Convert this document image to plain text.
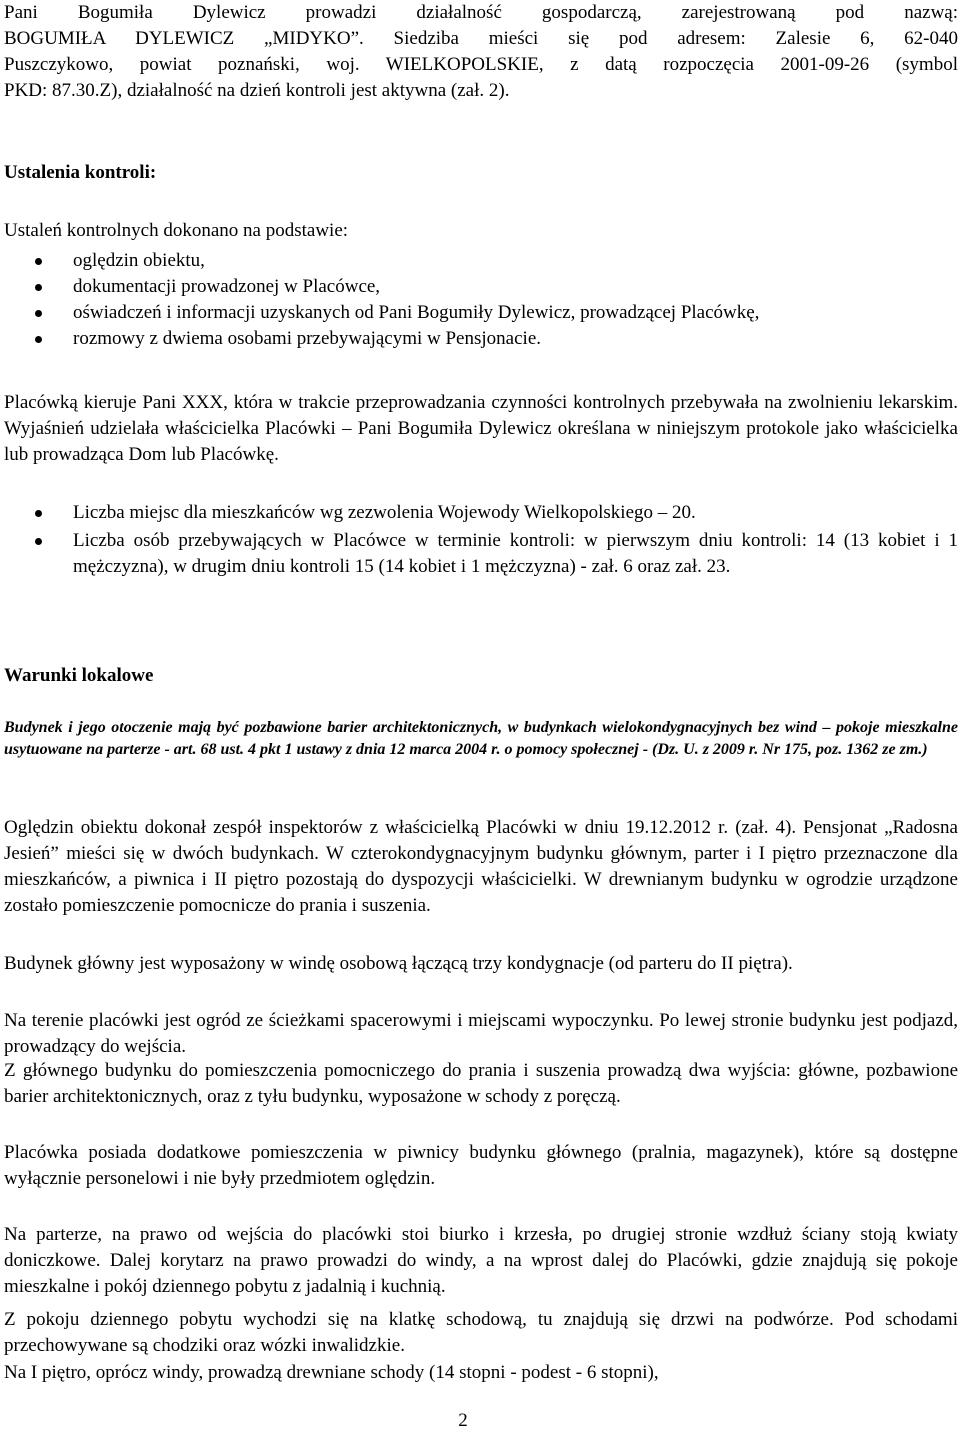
Pani Bogumiła Dylewicz prowadzi działalność gospodarczą, zarejestrowaną pod nazwą:
BOGUMIŁA DYLEWICZ „MIDYKO”. Siedziba mieści się pod adresem: Zalesie 6, 62-040
Puszczykowo, powiat poznański, woj. WIELKOPOLSKIE, z datą rozpoczęcia 2001-09-26 (symbol
PKD: 87.30.Z), działalność na dzień kontroli jest aktywna (zał. 2).
Ustalenia kontroli:
Ustaleń kontrolnych dokonano na podstawie:
oględzin obiektu,
dokumentacji prowadzonej w Placówce,
oświadczeń i informacji uzyskanych od Pani Bogumiły Dylewicz, prowadzącej Placówkę,
rozmowy z dwiema osobami przebywającymi w Pensjonacie.
Placówką kieruje Pani XXX, która w trakcie przeprowadzania czynności kontrolnych przebywała na zwolnieniu lekarskim. Wyjaśnień udzielała właścicielka Placówki – Pani Bogumiła Dylewicz określana w niniejszym protokole jako właścicielka lub prowadząca Dom lub Placówkę.
Liczba miejsc dla mieszkańców wg zezwolenia Wojewody Wielkopolskiego – 20.
Liczba osób przebywających w Placówce w terminie kontroli: w pierwszym dniu kontroli: 14 (13 kobiet i 1 mężczyzna), w drugim dniu kontroli 15 (14 kobiet i 1 mężczyzna) - zał. 6 oraz zał. 23.
Warunki lokalowe
Budynek i jego otoczenie mają być pozbawione barier architektonicznych, w budynkach wielokondygnacyjnych bez wind – pokoje mieszkalne usytuowane na parterze - art. 68 ust. 4 pkt 1 ustawy z dnia 12 marca 2004 r. o pomocy społecznej - (Dz. U. z 2009 r. Nr 175, poz. 1362 ze zm.)
Oględzin obiektu dokonał zespół inspektorów z właścicielką Placówki w dniu 19.12.2012 r. (zał. 4). Pensjonat „Radosna Jesień” mieści się w dwóch budynkach. W czterokondygnacyjnym budynku głównym, parter i I piętro przeznaczone dla mieszkańców, a piwnica i II piętro pozostają do dyspozycji właścicielki. W drewnianym budynku w ogrodzie urządzone zostało pomieszczenie pomocnicze do prania i suszenia.
Budynek główny jest wyposażony w windę osobową łączącą trzy kondygnacje (od parteru do II piętra).
Na terenie placówki jest ogród ze ścieżkami spacerowymi i miejscami wypoczynku. Po lewej stronie budynku jest podjazd, prowadzący do wejścia.
Z głównego budynku do pomieszczenia pomocniczego do prania i suszenia prowadzą dwa wyjścia: główne, pozbawione barier architektonicznych, oraz z tyłu budynku, wyposażone w schody z poręczą.
Placówka posiada dodatkowe pomieszczenia w piwnicy budynku głównego (pralnia, magazynek), które są dostępne wyłącznie personelowi i nie były przedmiotem oględzin.
Na parterze, na prawo od wejścia do placówki stoi biurko i krzesła, po drugiej stronie wzdłuż ściany stoją kwiaty doniczkowe. Dalej korytarz na prawo prowadzi do windy, a na wprost dalej do Placówki, gdzie znajdują się pokoje mieszkalne i pokój dziennego pobytu z jadalnią i kuchnią.
Z pokoju dziennego pobytu wychodzi się na klatkę schodową, tu znajdują się drzwi na podwórze. Pod schodami przechowywane są chodziki oraz wózki inwalidzkie.
Na I piętro, oprócz windy, prowadzą drewniane schody (14 stopni - podest - 6 stopni),
2
